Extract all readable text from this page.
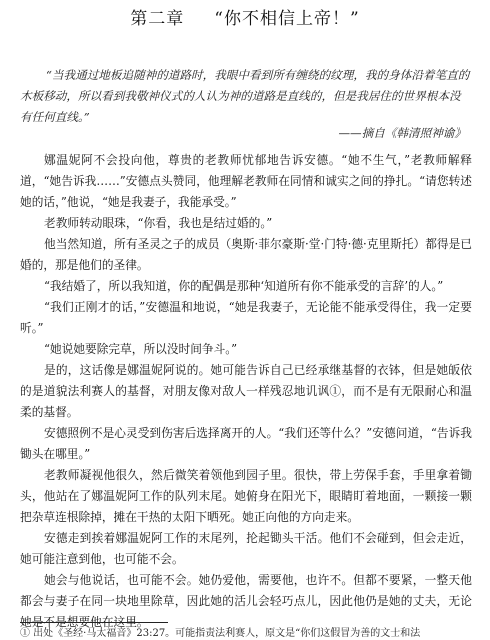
第二章 “你不相信上帝！”
“当我通过地板追随神的道路时，我眼中看到所有缠绕的纹理，我的身体沿着笔直的木板移动，所以看到我敬神仪式的人认为神的道路是直线的，但是我居住的世界根本没有任何直线。”
——摘自《韩清照神谕》

娜温妮阿不会投向他，尊贵的老教师忧郁地告诉安德。“她不生气，”老教师解释道，“她告诉我……”安德点头赞同，他理解老教师在同情和诚实之间的挣扎。“请您转述她的话，”他说，“她是我妻子，我能承受。”

老教师转动眼珠，“你看，我也是结过婚的。”

他当然知道，所有圣灵之子的成员（奥斯·菲尔豪斯·堂·门特·德·克里斯托）都得是已婚的，那是他们的圣律。

“我结婚了，所以我知道，你的配偶是那种‘知道所有你不能承受的言辞’的人。”

“我们正刚才的话，”安德温和地说，“她是我妻子，无论能不能承受得住，我一定要听。”

“她说她要除完草，所以没时间争斗。”

是的，这话像是娜温妮阿说的。她可能告诉自己已经承继基督的衣钵，但是她皈依的是道貌法利赛人的基督，对朋友像对敌人一样残忍地讥讽①，而不是有无限耐心和温柔的基督。

安德照例不是心灵受到伤害后选择离开的人。“我们还等什么？”安德问道，“告诉我锄头在哪里。”

老教师凝视他很久，然后微笑着领他到园子里。很快，带上劳保手套，手里拿着锄头，他站在了娜温妮阿工作的队列末尾。她俯身在阳光下，眼睛盯着地面，一颗接一颗把杂草连根除掉，摊在干热的太阳下晒死。她正向他的方向走来。

安德走到挨着娜温妮阿工作的末尾列，抡起锄头干活。他们不会碰到，但会走近，她可能注意到他，也可能不会。

她会与他说话，也可能不会。她仍爱他，需要他，也许不。但都不要紧，一整天他都会与妻子在同一块地里除草，因此她的活儿会轻巧点儿，因此他仍是她的丈夫，无论她是不是想要他在这里。

① 出处《圣经·马太福音》23:27。可能指责法利赛人，原文是“你们这假冒为善的文士和法
